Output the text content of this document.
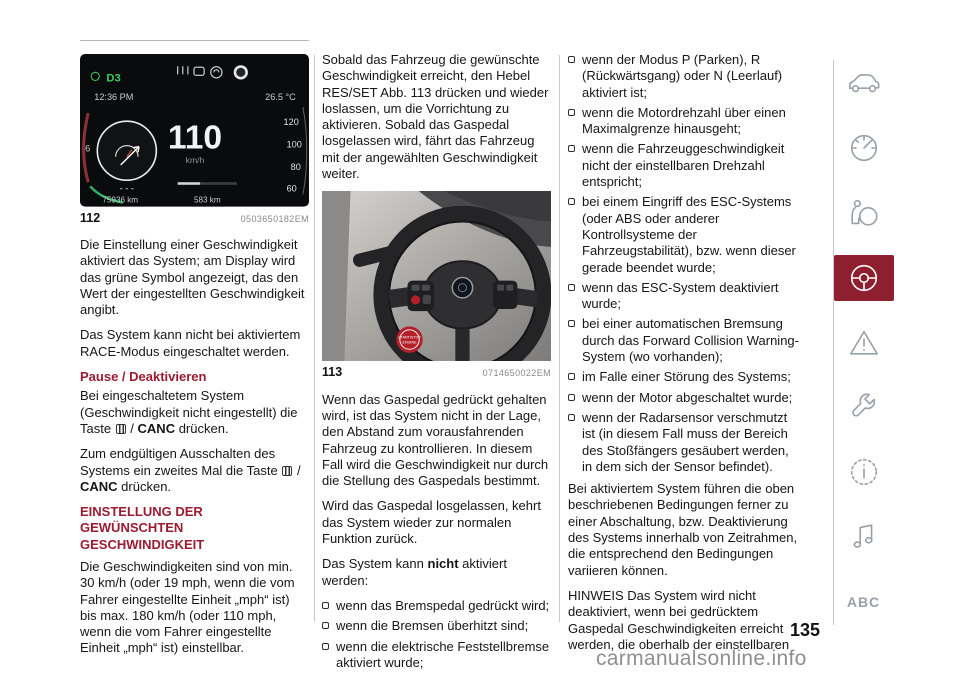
D3
12:36 PM	26.5 °C
110
km/h
120
100
80
60
6
- - -
75936 km	583 km
112	0503650182EM

Die Einstellung einer Geschwindigkeit aktiviert das System; am Display wird das grüne Symbol angezeigt, das den Wert der eingestellten Geschwindigkeit angibt.

Das System kann nicht bei aktiviertem RACE-Modus eingeschaltet werden.

Pause / Deaktivieren

Bei eingeschaltetem System (Geschwindigkeit nicht eingestellt) die Taste  / CANC drücken.

Zum endgültigen Ausschalten des Systems ein zweites Mal die Taste  / CANC drücken.

EINSTELLUNG DER GEWÜNSCHTEN GESCHWINDIGKEIT

Die Geschwindigkeiten sind von min. 30 km/h (oder 19 mph, wenn die vom Fahrer eingestellte Einheit „mph“ ist) bis max. 180 km/h (oder 110 mph, wenn die vom Fahrer eingestellte Einheit „mph“ ist) einstellbar.

Sobald das Fahrzeug die gewünschte Geschwindigkeit erreicht, den Hebel RES/SET Abb. 113 drücken und wieder loslassen, um die Vorrichtung zu aktivieren. Sobald das Gaspedal losgelassen wird, fährt das Fahrzeug mit der angewählten Geschwindigkeit weiter.

START/STOP
ENGINE
113	0714650022EM

Wenn das Gaspedal gedrückt gehalten wird, ist das System nicht in der Lage, den Abstand zum vorausfahrenden Fahrzeug zu kontrollieren. In diesem Fall wird die Geschwindigkeit nur durch die Stellung des Gaspedals bestimmt.

Wird das Gaspedal losgelassen, kehrt das System wieder zur normalen Funktion zurück.

Das System kann nicht aktiviert werden:

wenn das Bremspedal gedrückt wird;
wenn die Bremsen überhitzt sind;
wenn die elektrische Feststellbremse aktiviert wurde;
wenn der Modus P (Parken), R (Rückwärtsgang) oder N (Leerlauf) aktiviert ist;
wenn die Motordrehzahl über einen Maximalgrenze hinausgeht;
wenn die Fahrzeuggeschwindigkeit nicht der einstellbaren Drehzahl entspricht;
bei einem Eingriff des ESC-Systems (oder ABS oder anderer Kontrollsysteme der Fahrzeugstabilität), bzw. wenn dieser gerade beendet wurde;
wenn das ESC-System deaktiviert wurde;
bei einer automatischen Bremsung durch das Forward Collision Warning-System (wo vorhanden);
im Falle einer Störung des Systems;
wenn der Motor abgeschaltet wurde;
wenn der Radarsensor verschmutzt ist (in diesem Fall muss der Bereich des Stoßfängers gesäubert werden, in dem sich der Sensor befindet).

Bei aktiviertem System führen die oben beschriebenen Bedingungen ferner zu einer Abschaltung, bzw. Deaktivierung des Systems innerhalb von Zeitrahmen, die entsprechend den Bedingungen variieren können.

HINWEIS Das System wird nicht deaktiviert, wenn bei gedrücktem Gaspedal Geschwindigkeiten erreicht werden, die oberhalb der einstellbaren

ABC
135
carmanualsonline.info
